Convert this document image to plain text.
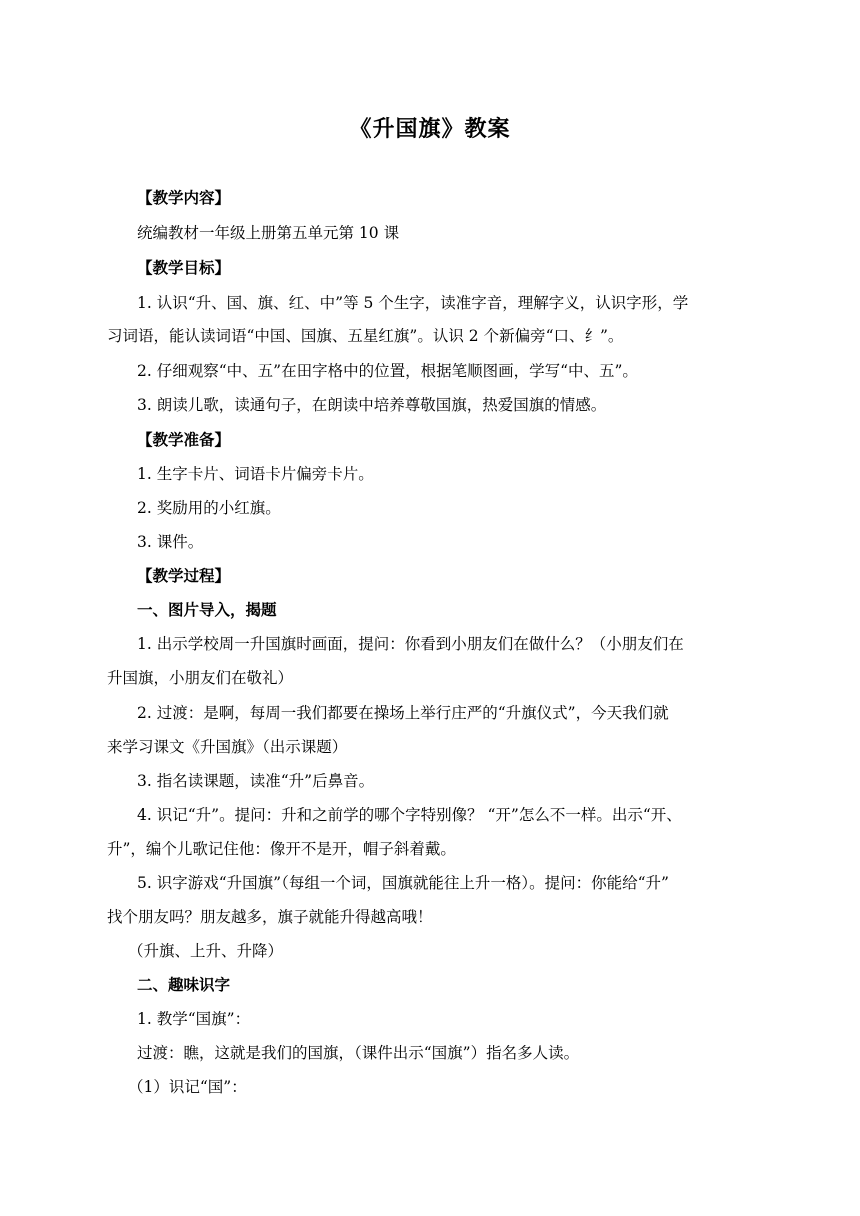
《升国旗》教案
【教学内容】
统编教材一年级上册第五单元第 10 课
【教学目标】
1. 认识“升、国、旗、红、中”等 5 个生字，读准字音，理解字义，认识字形，学
习词语，能认读词语“中国、国旗、五星红旗”。认识 2 个新偏旁“口、纟”。
2. 仔细观察“中、五”在田字格中的位置，根据笔顺图画，学写“中、五”。
3. 朗读儿歌，读通句子，在朗读中培养尊敬国旗，热爱国旗的情感。
【教学准备】
1. 生字卡片、词语卡片偏旁卡片。
2. 奖励用的小红旗。
3. 课件。
【教学过程】
一、图片导入，揭题
1. 出示学校周一升国旗时画面，提问：你看到小朋友们在做什么？（小朋友们在
升国旗，小朋友们在敬礼）
2. 过渡：是啊，每周一我们都要在操场上举行庄严的“升旗仪式”，今天我们就
来学习课文《升国旗》（出示课题）
3. 指名读课题，读准“升”后鼻音。
4. 识记“升”。提问：升和之前学的哪个字特别像？ “开”怎么不一样。出示“开、
升”，编个儿歌记住他：像开不是开，帽子斜着戴。
5. 识字游戏“升国旗”（每组一个词，国旗就能往上升一格）。提问：你能给“升”
找个朋友吗？朋友越多，旗子就能升得越高哦！
（升旗、上升、升降）
二、趣味识字
1. 教学“国旗”：
过渡：瞧，这就是我们的国旗，（课件出示“国旗”）指名多人读。
（1）识记“国”：
